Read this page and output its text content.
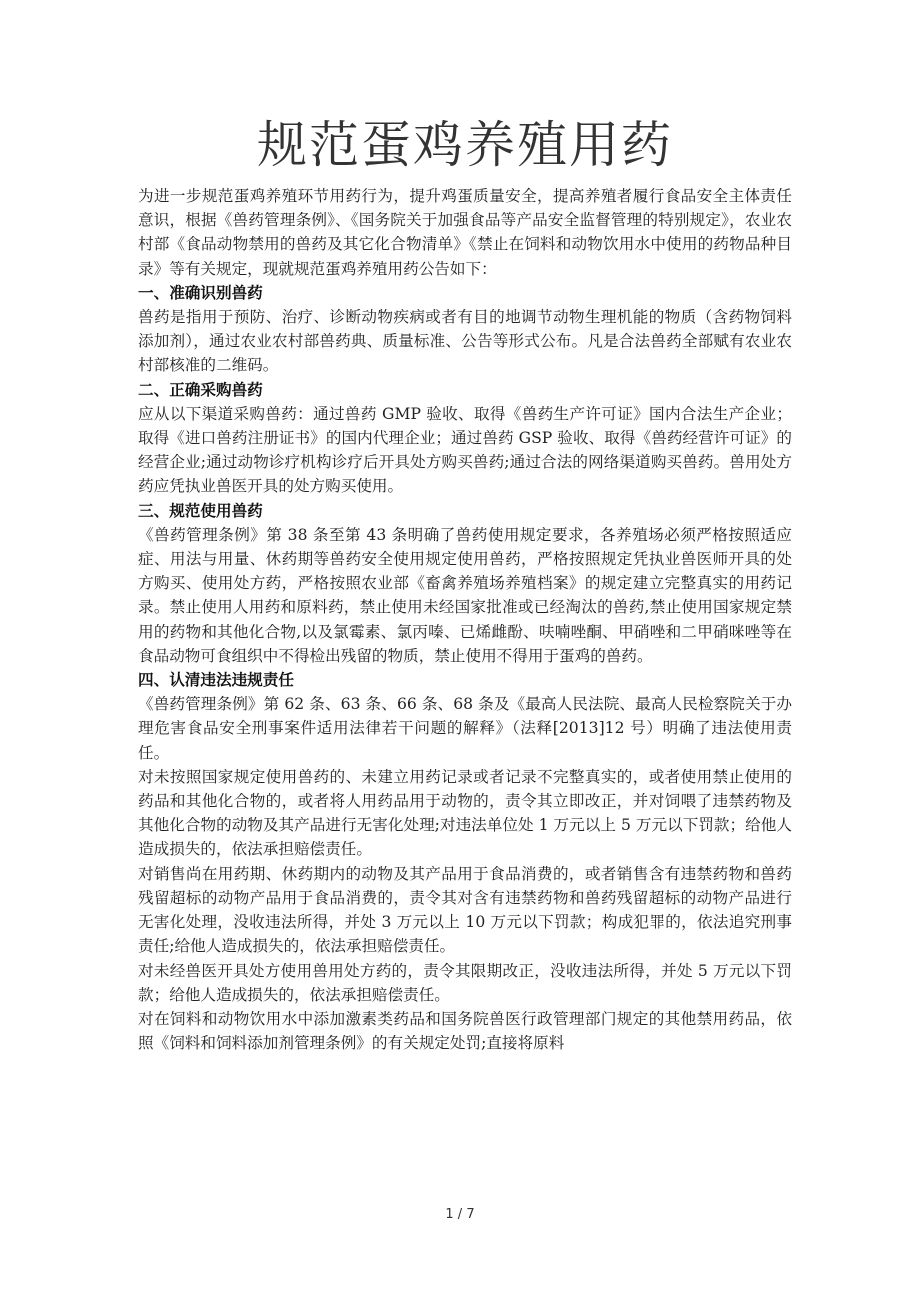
规范蛋鸡养殖用药

为进一步规范蛋鸡养殖环节用药行为，提升鸡蛋质量安全，提高养殖者履行食品安全主体责任意识，根据《兽药管理条例》、《国务院关于加强食品等产品安全监督管理的特别规定》，农业农村部《食品动物禁用的兽药及其它化合物清单》《禁止在饲料和动物饮用水中使用的药物品种目录》等有关规定，现就规范蛋鸡养殖用药公告如下：

一、准确识别兽药

兽药是指用于预防、治疗、诊断动物疾病或者有目的地调节动物生理机能的物质（含药物饲料添加剂），通过农业农村部兽药典、质量标准、公告等形式公布。凡是合法兽药全部赋有农业农村部核准的二维码。

二、正确采购兽药

应从以下渠道采购兽药：通过兽药 GMP 验收、取得《兽药生产许可证》国内合法生产企业；取得《进口兽药注册证书》的国内代理企业；通过兽药 GSP 验收、取得《兽药经营许可证》的经营企业;通过动物诊疗机构诊疗后开具处方购买兽药;通过合法的网络渠道购买兽药。兽用处方药应凭执业兽医开具的处方购买使用。

三、规范使用兽药

《兽药管理条例》第 38 条至第 43 条明确了兽药使用规定要求，各养殖场必须严格按照适应症、用法与用量、休药期等兽药安全使用规定使用兽药，严格按照规定凭执业兽医师开具的处方购买、使用处方药，严格按照农业部《畜禽养殖场养殖档案》的规定建立完整真实的用药记录。禁止使用人用药和原料药，禁止使用未经国家批准或已经淘汰的兽药,禁止使用国家规定禁用的药物和其他化合物,以及氯霉素、氯丙嗪、已烯雌酚、呋喃唑酮、甲硝唑和二甲硝咪唑等在食品动物可食组织中不得检出残留的物质，禁止使用不得用于蛋鸡的兽药。

四、认清违法违规责任

《兽药管理条例》第 62 条、63 条、66 条、68 条及《最高人民法院、最高人民检察院关于办理危害食品安全刑事案件适用法律若干问题的解释》（法释[2013]12 号）明确了违法使用责任。

对未按照国家规定使用兽药的、未建立用药记录或者记录不完整真实的，或者使用禁止使用的药品和其他化合物的，或者将人用药品用于动物的，责令其立即改正，并对饲喂了违禁药物及其他化合物的动物及其产品进行无害化处理;对违法单位处 1 万元以上 5 万元以下罚款；给他人造成损失的，依法承担赔偿责任。

对销售尚在用药期、休药期内的动物及其产品用于食品消费的，或者销售含有违禁药物和兽药残留超标的动物产品用于食品消费的，责令其对含有违禁药物和兽药残留超标的动物产品进行无害化处理，没收违法所得，并处 3 万元以上 10 万元以下罚款；构成犯罪的，依法追究刑事责任;给他人造成损失的，依法承担赔偿责任。

对未经兽医开具处方使用兽用处方药的，责令其限期改正，没收违法所得，并处 5 万元以下罚款；给他人造成损失的，依法承担赔偿责任。

对在饲料和动物饮用水中添加激素类药品和国务院兽医行政管理部门规定的其他禁用药品，依照《饲料和饲料添加剂管理条例》的有关规定处罚;直接将原料

1 / 7
